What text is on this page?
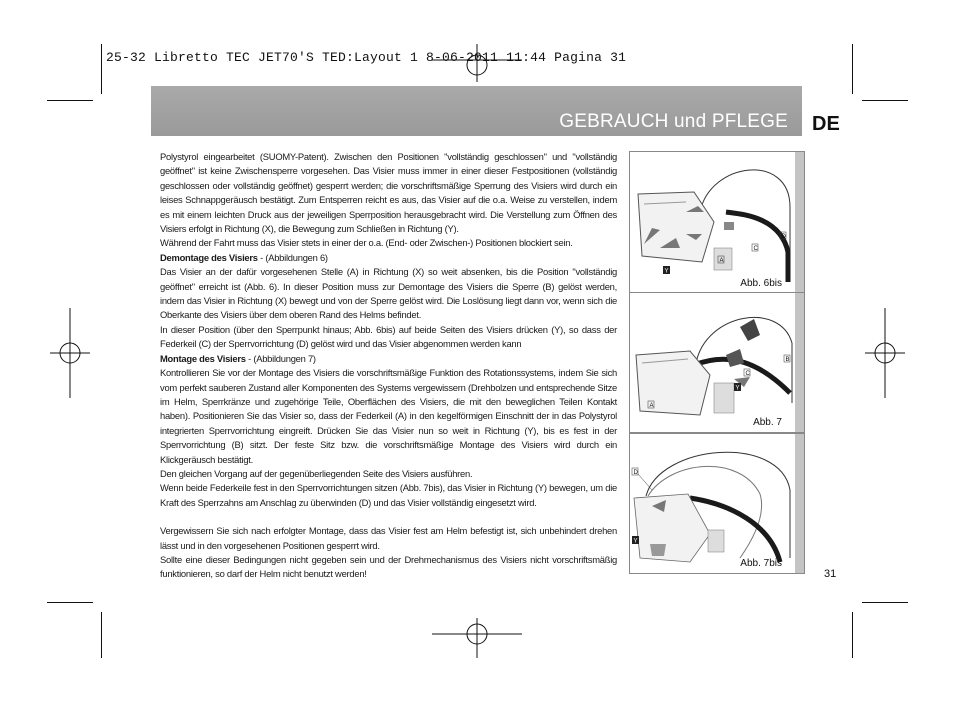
25-32 Libretto TEC JET70'S TED:Layout 1 8-06-2011 11:44 Pagina 31
GEBRAUCH und PFLEGE DE

Polystyrol eingearbeitet (SUOMY-Patent). Zwischen den Positionen "vollständig geschlossen" und "vollständig geöffnet" ist keine Zwischensperre vorgesehen. Das Visier muss immer in einer dieser Festpositionen (vollständig geschlossen oder vollständig geöffnet) gesperrt werden; die vorschriftsmäßige Sperrung des Visiers wird durch ein leises Schnappgeräusch bestätigt. Zum Entsperren reicht es aus, das Visier auf die o.a. Weise zu verstellen, indem es mit einem leichten Druck aus der jeweiligen Sperrposition herausgebracht wird. Die Verstellung zum Öffnen des Visiers erfolgt in Richtung (X), die Bewegung zum Schließen in Richtung (Y).

Während der Fahrt muss das Visier stets in einer der o.a. (End- oder Zwischen-) Positionen blockiert sein.

Demontage des Visiers - (Abbildungen 6)

Das Visier an der dafür vorgesehenen Stelle (A) in Richtung (X) so weit absenken, bis die Position "vollständig geöffnet" erreicht ist (Abb. 6). In dieser Position muss zur Demontage des Visiers die Sperre (B) gelöst werden, indem das Visier in Richtung (X) bewegt und von der Sperre gelöst wird. Die Loslösung liegt dann vor, wenn sich die Oberkante des Visiers über dem oberen Rand des Helms befindet.

In dieser Position (über den Sperrpunkt hinaus; Abb. 6bis) auf beide Seiten des Visiers drücken (Y), so dass der Federkeil (C) der Sperrvorrichtung (D) gelöst wird und das Visier abgenommen werden kann

Montage des Visiers - (Abbildungen 7)

Kontrollieren Sie vor der Montage des Visiers die vorschriftsmäßige Funktion des Rotationssystems, indem Sie sich vom perfekt sauberen Zustand aller Komponenten des Systems vergewissern (Drehbolzen und entsprechende Sitze im Helm, Sperrkränze und zugehörige Teile, Oberflächen des Visiers, die mit den beweglichen Teilen Kontakt haben). Positionieren Sie das Visier so, dass der Federkeil (A) in den kegelförmigen Einschnitt der in das Polystyrol integrierten Sperrvorrichtung eingreift. Drücken Sie das Visier nun so weit in Richtung (Y), bis es fest in der Sperrvorrichtung (B) sitzt. Der feste Sitz bzw. die vorschriftsmäßige Montage des Visiers wird durch ein Klickgeräusch bestätigt.

Den gleichen Vorgang auf der gegenüberliegenden Seite des Visiers ausführen.

Wenn beide Federkeile fest in den Sperrvorrichtungen sitzen (Abb. 7bis), das Visier in Richtung (Y) bewegen, um die Kraft des Sperrzahns am Anschlag zu überwinden (D) und das Visier vollständig eingesetzt wird.

Vergewissern Sie sich nach erfolgter Montage, dass das Visier fest am Helm befestigt ist, sich unbehindert drehen lässt und in den vorgesehenen Positionen gesperrt wird.

Sollte eine dieser Bedingungen nicht gegeben sein und der Drehmechanismus des Visiers nicht vorschriftsmäßig funktionieren, so darf der Helm nicht benutzt werden!

A
C
D
Y
Abb. 6bis
A
B
C
Y
Abb. 7
D
Y
Abb. 7bis
31
